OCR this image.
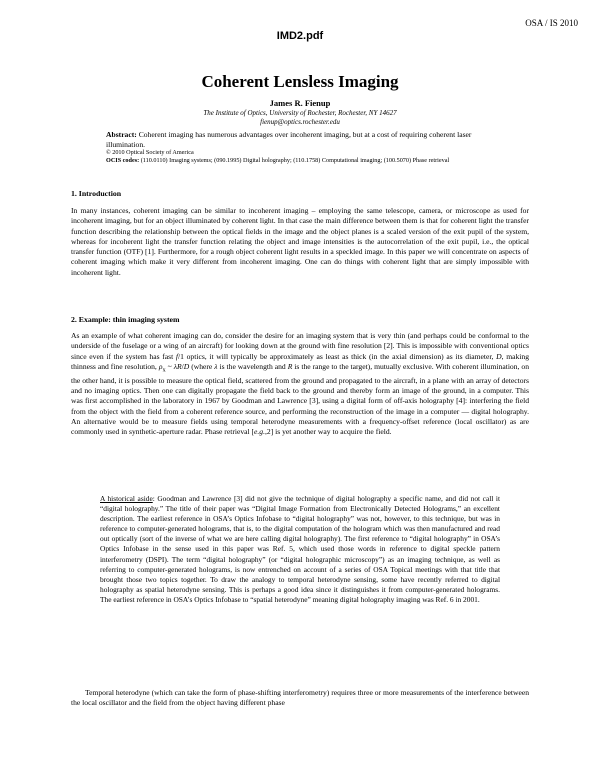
OSA / IS 2010
IMD2.pdf
Coherent Lensless Imaging
James R. Fienup
The Institute of Optics, University of Rochester, Rochester, NY 14627
fienup@optics.rochester.edu

Abstract: Coherent imaging has numerous advantages over incoherent imaging, but at a cost of requiring coherent laser illumination.

© 2010 Optical Society of America

OCIS codes: (110.0110) Imaging systems; (090.1995) Digital holography; (110.1758) Computational imaging; (100.5070) Phase retrieval

1. Introduction

In many instances, coherent imaging can be similar to incoherent imaging – employing the same telescope, camera, or microscope as used for incoherent imaging, but for an object illuminated by coherent light. In that case the main difference between them is that for coherent light the transfer function describing the relationship between the optical fields in the image and the object planes is a scaled version of the exit pupil of the system, whereas for incoherent light the transfer function relating the object and image intensities is the autocorrelation of the exit pupil, i.e., the optical transfer function (OTF) [1]. Furthermore, for a rough object coherent light results in a speckled image. In this paper we will concentrate on aspects of coherent imaging which make it very different from incoherent imaging. One can do things with coherent light that are simply impossible with incoherent light.

2. Example: thin imaging system

As an example of what coherent imaging can do, consider the desire for an imaging system that is very thin (and perhaps could be conformal to the underside of the fuselage or a wing of an aircraft) for looking down at the ground with fine resolution [2]. This is impossible with conventional optics since even if the system has fast f/1 optics, it will typically be approximately as least as thick (in the axial dimension) as its diameter, D, making thinness and fine resolution, $\rho_x$ ~ λR/D (where λ is the wavelength and R is the range to the target), mutually exclusive. With coherent illumination, on the other hand, it is possible to measure the optical field, scattered from the ground and propagated to the aircraft, in a plane with an array of detectors and no imaging optics. Then one can digitally propagate the field back to the ground and thereby form an image of the ground, in a computer. This was first accomplished in the laboratory in 1967 by Goodman and Lawrence [3], using a digital form of off-axis holography [4]: interfering the field from the object with the field from a coherent reference source, and performing the reconstruction of the image in a computer — digital holography. An alternative would be to measure fields using temporal heterodyne measurements with a frequency-offset reference (local oscillator) as are commonly used in synthetic-aperture radar. Phase retrieval [e.g.,2] is yet another way to acquire the field.

A historical aside: Goodman and Lawrence [3] did not give the technique of digital holography a specific name, and did not call it “digital holography.” The title of their paper was “Digital Image Formation from Electronically Detected Holograms,” an excellent description. The earliest reference in OSA’s Optics Infobase to “digital holography” was not, however, to this technique, but was in reference to computer-generated holograms, that is, to the digital computation of the hologram which was then manufactured and read out optically (sort of the inverse of what we are here calling digital holography). The first reference to “digital holography” in OSA’s Optics Infobase in the sense used in this paper was Ref. 5, which used those words in reference to digital speckle pattern interferometry (DSPI). The term “digital holography” (or “digital holographic microscopy”) as an imaging technique, as well as referring to computer-generated holograms, is now entrenched on account of a series of OSA Topical meetings with that title that brought those two topics together. To draw the analogy to temporal heterodyne sensing, some have recently referred to digital holography as spatial heterodyne sensing. This is perhaps a good idea since it distinguishes it from computer-generated holograms. The earliest reference in OSA’s Optics Infobase to “spatial heterodyne” meaning digital holography imaging was Ref. 6 in 2001.

Temporal heterodyne (which can take the form of phase-shifting interferometry) requires three or more measurements of the interference between the local oscillator and the field from the object having different phase
